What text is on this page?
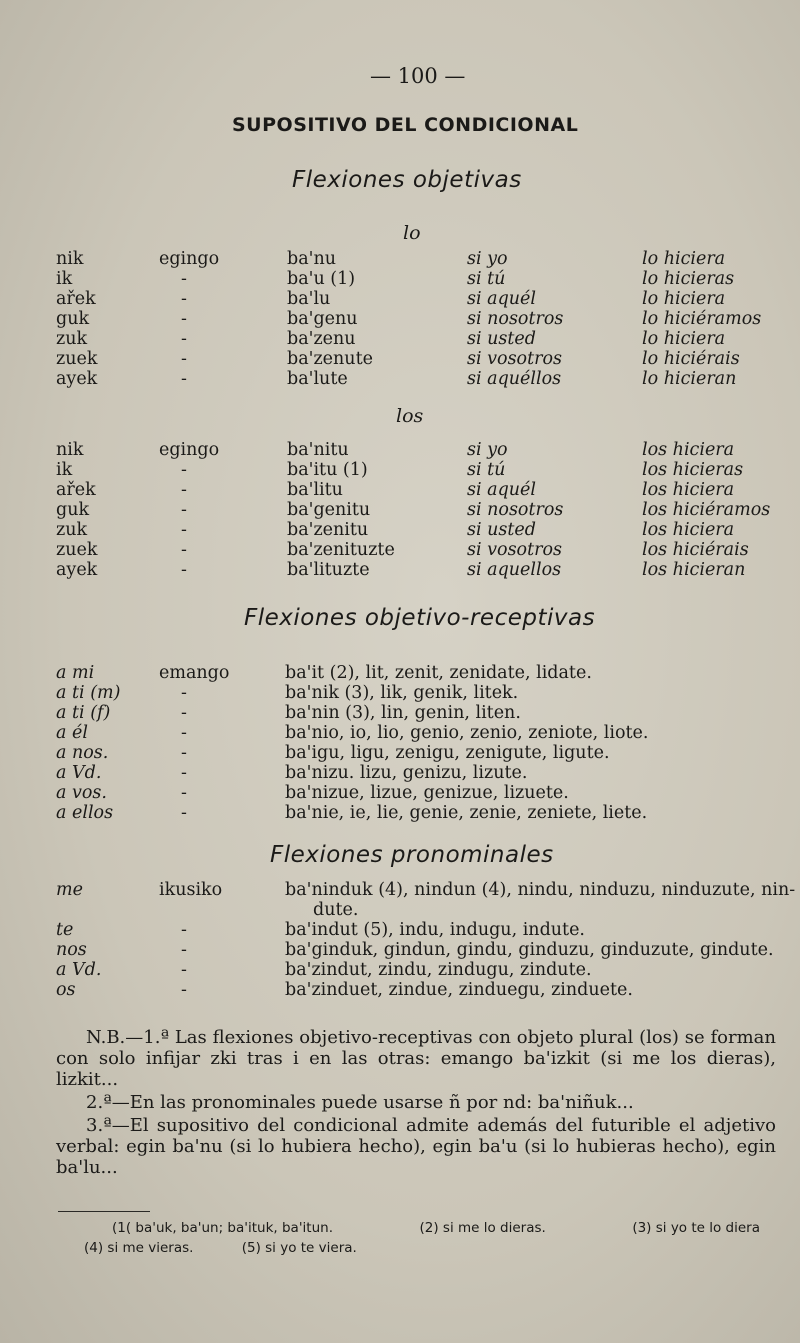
— 100 —
SUPOSITIVO DEL CONDICIONAL
Flexiones objetivas
lo
nik	egingo	ba'nu	si yo	lo hiciera
ik	-	ba'u (1)	si tú	lo hicieras
ařek	-	ba'lu	si aquél	lo hiciera
guk	-	ba'genu	si nosotros	lo hiciéramos
zuk	-	ba'zenu	si usted	lo hiciera
zuek	-	ba'zenute	si vosotros	lo hiciérais
ayek	-	ba'lute	si aquéllos	lo hicieran
los
nik	egingo	ba'nitu	si yo	los hiciera
ik	-	ba'itu (1)	si tú	los hicieras
ařek	-	ba'litu	si aquél	los hiciera
guk	-	ba'genitu	si nosotros	los hiciéramos
zuk	-	ba'zenitu	si usted	los hiciera
zuek	-	ba'zenituzte	si vosotros	los hiciérais
ayek	-	ba'lituzte	si aquellos	los hicieran
Flexiones objetivo-receptivas
a mi	emango	ba'it (2), lit, zenit, zenidate, lidate.
a ti (m)	-	ba'nik (3), lik, genik, litek.
a ti (f)	-	ba'nin (3), lin, genin, liten.
a él	-	ba'nio, io, lio, genio, zenio, zeniote, liote.
a nos.	-	ba'igu, ligu, zenigu, zenigute, ligute.
a Vd.	-	ba'nizu. lizu, genizu, lizute.
a vos.	-	ba'nizue, lizue, genizue, lizuete.
a ellos	-	ba'nie, ie, lie, genie, zenie, zeniete, liete.
Flexiones pronominales
me	ikusiko	ba'ninduk (4), nindun (4), nindu, ninduzu, ninduzute, nin-
dute.

te	-	ba'indut (5), indu, indugu, indute.
nos	-	ba'ginduk, gindun, gindu, ginduzu, ginduzute, gindute.
a Vd.	-	ba'zindut, zindu, zindugu, zindute.
os	-	ba'zinduet, zindue, zinduegu, zinduete.

N.B.—1.ª Las flexiones objetivo-receptivas con objeto plural (los) se forman con solo infijar zki tras i en las otras: emango ba'izkit (si me los dieras), lizkit...

2.ª—En las pronominales puede usarse ñ por nd: ba'niñuk...

3.ª—El supositivo del condicional admite además del futurible el adjetivo verbal: egin ba'nu (si lo hubiera hecho), egin ba'u (si lo hubieras hecho), egin ba'lu...

(1( ba'uk, ba'un; ba'ituk, ba'itun.	(2) si me lo dieras.	(3) si yo te lo diera (4) si me vieras.	(5) si yo te viera.
